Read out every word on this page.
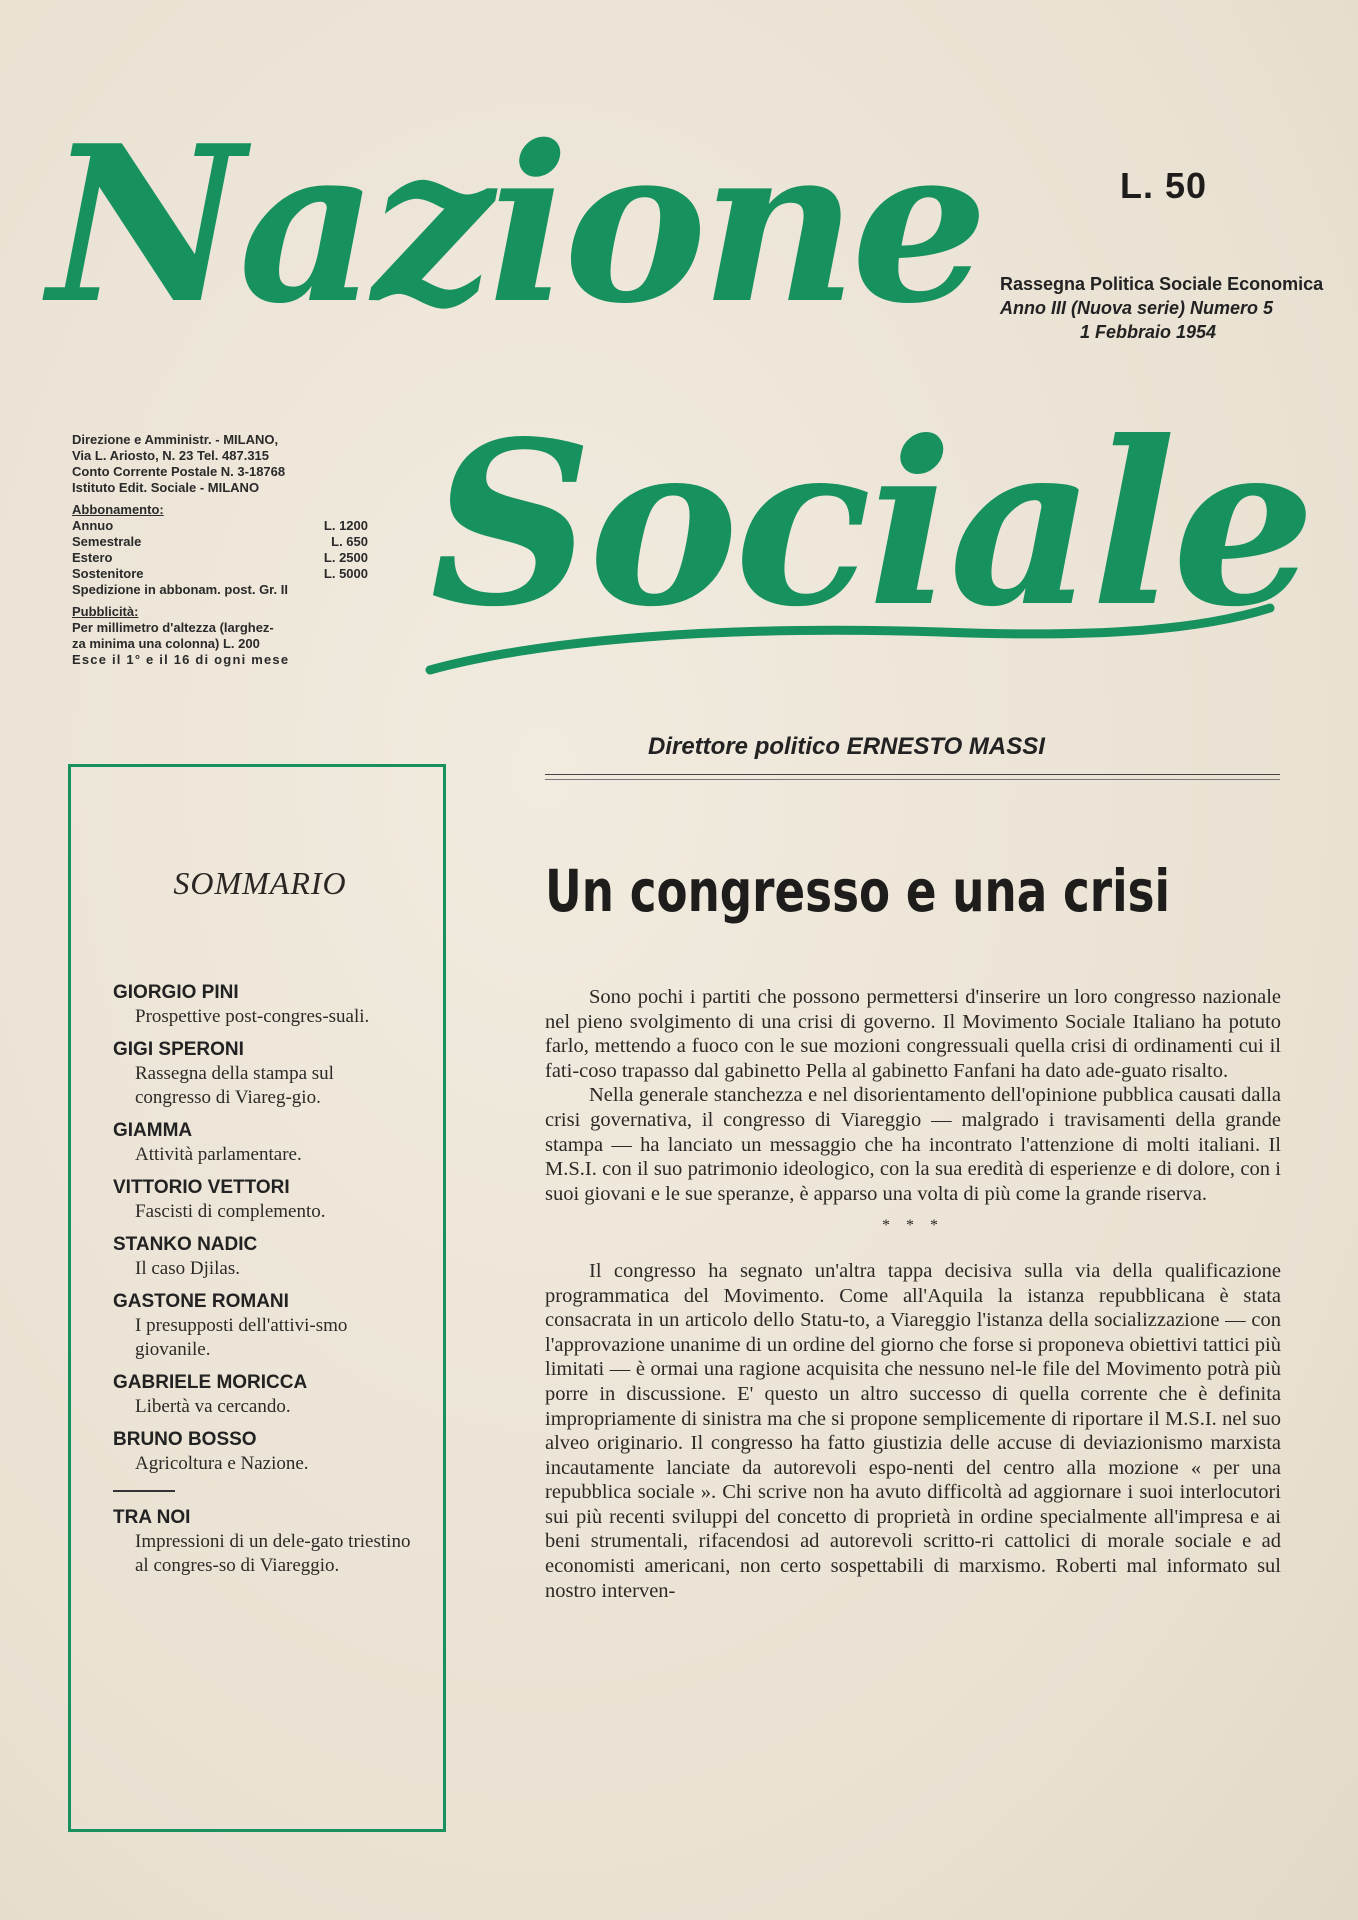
Nazione
Sociale
L. 50
Rassegna Politica Sociale Economica
Anno III (Nuova serie) Numero 5
1 Febbraio 1954
Direzione e Amministr. - MILANO,
Via L. Ariosto, N. 23 Tel. 487.315
Conto Corrente Postale N. 3-18768
Istituto Edit. Sociale - MILANO
Abbonamento:
Annuo	L. 1200
Semestrale	L. 650
Estero	L. 2500
Sostenitore	L. 5000
Spedizione in abbonam. post. Gr. II
Pubblicità:
Per millimetro d'altezza (larghez-
za minima una colonna) L. 200
Esce il 1° e il 16 di ogni mese
Direttore politico ERNESTO MASSI
SOMMARIO
GIORGIO PINI
Prospettive post-congres-suali.
GIGI SPERONI
Rassegna della stampa sul congresso di Viareg-gio.
GIAMMA
Attività parlamentare.
VITTORIO VETTORI
Fascisti di complemento.
STANKO NADIC
Il caso Djilas.
GASTONE ROMANI
I presupposti dell'attivi-smo giovanile.
GABRIELE MORICCA
Libertà va cercando.
BRUNO BOSSO
Agricoltura e Nazione.
TRA NOI
Impressioni di un dele-gato triestino al congres-so di Viareggio.
Un congresso e una crisi

Sono pochi i partiti che possono permettersi d'inserire un loro congresso nazionale nel pieno svolgimento di una crisi di governo. Il Movimento Sociale Italiano ha potuto farlo, mettendo a fuoco con le sue mozioni congressuali quella crisi di ordinamenti cui il fati-coso trapasso dal gabinetto Pella al gabinetto Fanfani ha dato ade-guato risalto.

Nella generale stanchezza e nel disorientamento dell'opinione pubblica causati dalla crisi governativa, il congresso di Viareggio — malgrado i travisamenti della grande stampa — ha lanciato un messaggio che ha incontrato l'attenzione di molti italiani. Il M.S.I. con il suo patrimonio ideologico, con la sua eredità di esperienze e di dolore, con i suoi giovani e le sue speranze, è apparso una volta di più come la grande riserva.

* * *

Il congresso ha segnato un'altra tappa decisiva sulla via della qualificazione programmatica del Movimento. Come all'Aquila la istanza repubblicana è stata consacrata in un articolo dello Statu-to, a Viareggio l'istanza della socializzazione — con l'approvazione unanime di un ordine del giorno che forse si proponeva obiettivi tattici più limitati — è ormai una ragione acquisita che nessuno nel-le file del Movimento potrà più porre in discussione. E' questo un altro successo di quella corrente che è definita impropriamente di sinistra ma che si propone semplicemente di riportare il M.S.I. nel suo alveo originario. Il congresso ha fatto giustizia delle accuse di deviazionismo marxista incautamente lanciate da autorevoli espo-nenti del centro alla mozione « per una repubblica sociale ». Chi scrive non ha avuto difficoltà ad aggiornare i suoi interlocutori sui più recenti sviluppi del concetto di proprietà in ordine specialmente all'impresa e ai beni strumentali, rifacendosi ad autorevoli scritto-ri cattolici di morale sociale e ad economisti americani, non certo sospettabili di marxismo. Roberti mal informato sul nostro interven-
